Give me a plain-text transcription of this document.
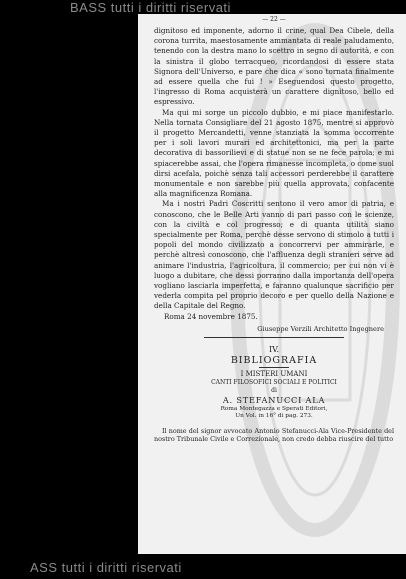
BASS tutti i diritti riservati
— 22 —

dignitoso ed imponente, adorno il crine, qual Dea Cibele, della corona turrita, maestosamente ammantata di reale paludamento, tenendo con la destra mano lo scettro in segno di autorità, e con la sinistra il globo terracqueo, ricordandosi di essere stata Signora dell'Universo, e pare che dica « sono tornata finalmente ad essere quella che fui ! » Eseguendosi questo progetto, l'ingresso di Roma acquisterà un carattere dignitoso, bello ed espressivo.

Ma qui mi sorge un piccolo dubbio, e mi piace manifestarlo. Nella tornata Consigliare del 21 agosto 1875, mentre si approvò il progetto Mercandetti, venne stanziata la somma occorrente per i soli lavori murari ed architettonici, ma per la parte decorativa di bassorilievi e di statue non se ne fece parola; e mi spiacerebbe assai, che l'opera rimanesse incompleta, o come suol dirsi acefala, poichè senza tali accessori perderebbe il carattere monumentale e non sarebbe più quella approvata, confacente alla magnificenza Romana.

Ma i nostri Padri Coscritti sentono il vero amor di patria, e conoscono, che le Belle Arti vanno di pari passo con le scienze, con la civiltà e col progresso; e di quanta utilità siano specialmente per Roma, perchè desse servono di stimolo a tutti i popoli del mondo civilizzato a concorrervi per ammirarle, e perchè altresì conoscono, che l'affluenza degli stranieri serve ad animare l'industria, l'agricoltura, il commercio; per cui non vi è luogo a dubitare, che dessi porranno dalla importanza dell'opera vogliano lasciarla imperfetta, e faranno qualunque sacrificio per vederla compita pel proprio decoro e per quello della Nazione e della Capitale del Regno.

Roma 24 novembre 1875.

Giuseppe Verzili Architetto Ingegnere

IV.

BIBLIOGRAFIA

I MISTERI UMANI

CANTI FILOSOFICI SOCIALI E POLITICI

di

A. STEFANUCCI ALA

Roma Montegazza e Sperati Editori,

Un Vol. in 16° di pag. 273.

Il nome del signor avvocato Antonio Stefanucci-Ala Vice-Presidente del nostro Tribunale Civile e Correzionale, non credo debba riuscire del tutto

ASS tutti i diritti riservati
